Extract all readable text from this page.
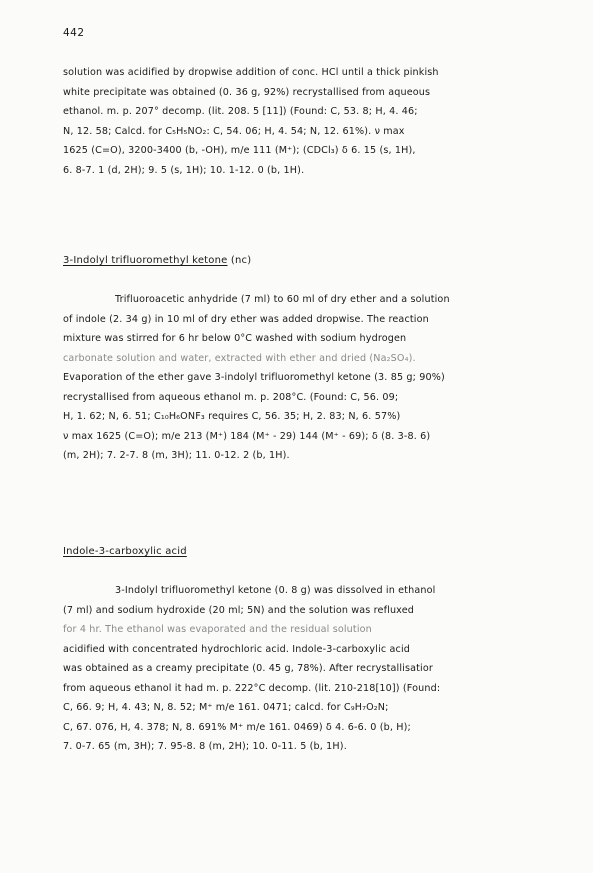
442
solution was acidified by dropwise addition of conc. HCl until a thick pinkish
white precipitate was obtained (0. 36 g, 92%) recrystallised from aqueous
ethanol. m. p. 207° decomp. (lit. 208. 5 [11]) (Found: C, 53. 8; H, 4. 46;
N, 12. 58; Calcd. for C₅H₅NO₂: C, 54. 06; H, 4. 54; N, 12. 61%). ν max
1625 (C=O), 3200-3400 (b, -OH), m/e 111 (M⁺); (CDCl₃) δ 6. 15 (s, 1H),
6. 8-7. 1 (d, 2H); 9. 5 (s, 1H); 10. 1-12. 0 (b, 1H).
3-Indolyl trifluoromethyl ketone (nc)
Trifluoroacetic anhydride (7 ml) to 60 ml of dry ether and a solution
of indole (2. 34 g) in 10 ml of dry ether was added dropwise. The reaction
mixture was stirred for 6 hr below 0°C washed with sodium hydrogen
carbonate solution and water, extracted with ether and dried (Na₂SO₄).
Evaporation of the ether gave 3-indolyl trifluoromethyl ketone (3. 85 g; 90%)
recrystallised from aqueous ethanol m. p. 208°C. (Found: C, 56. 09;
H, 1. 62; N, 6. 51; C₁₀H₆ONF₃ requires C, 56. 35; H, 2. 83; N, 6. 57%)
ν max 1625 (C=O); m/e 213 (M⁺) 184 (M⁺ - 29) 144 (M⁺ - 69); δ (8. 3-8. 6)
(m, 2H); 7. 2-7. 8 (m, 3H); 11. 0-12. 2 (b, 1H).
Indole-3-carboxylic acid
3-Indolyl trifluoromethyl ketone (0. 8 g) was dissolved in ethanol
(7 ml) and sodium hydroxide (20 ml; 5N) and the solution was refluxed
for 4 hr. The ethanol was evaporated and the residual solution
acidified with concentrated hydrochloric acid. Indole-3-carboxylic acid
was obtained as a creamy precipitate (0. 45 g, 78%). After recrystallisatior
from aqueous ethanol it had m. p. 222°C decomp. (lit. 210-218[10]) (Found:
C, 66. 9; H, 4. 43; N, 8. 52; M⁺ m/e 161. 0471; calcd. for C₉H₇O₂N;
C, 67. 076, H, 4. 378; N, 8. 691% M⁺ m/e 161. 0469) δ 4. 6-6. 0 (b, H);
7. 0-7. 65 (m, 3H); 7. 95-8. 8 (m, 2H); 10. 0-11. 5 (b, 1H).
